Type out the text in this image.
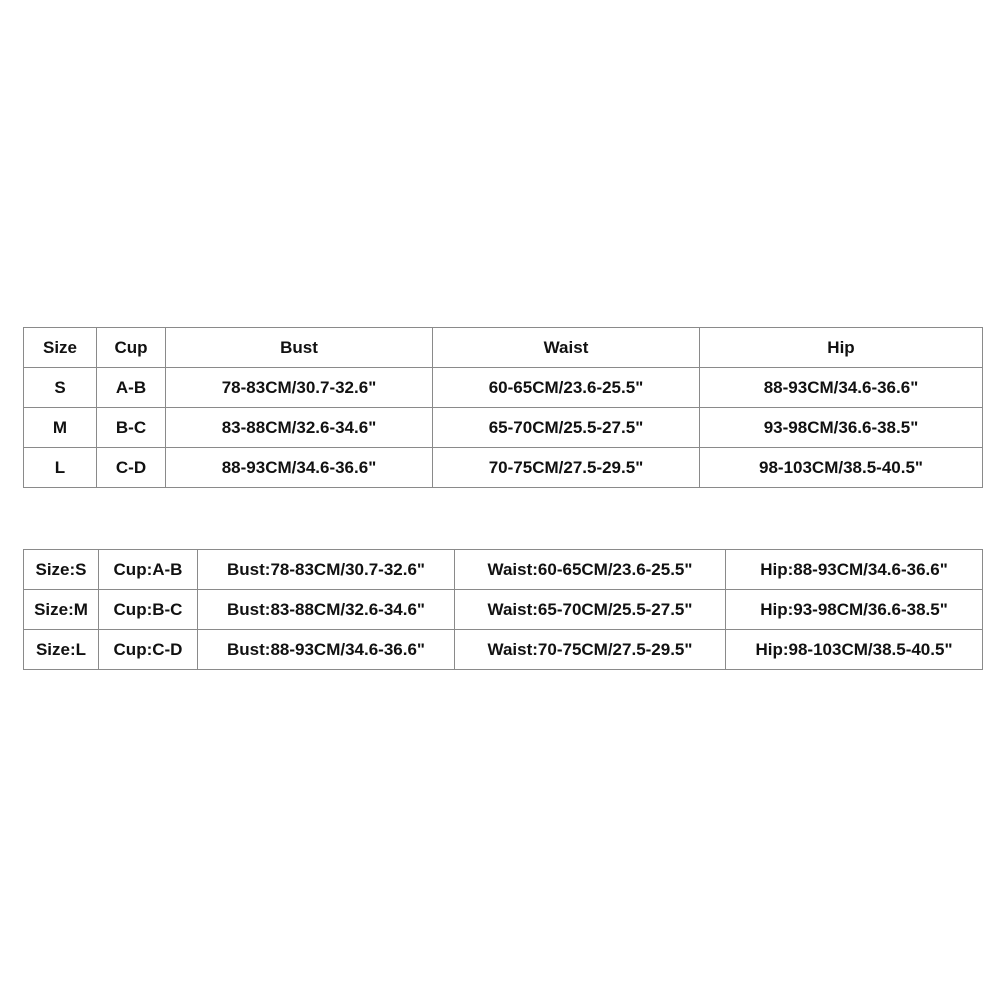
Size	Cup	Bust	Waist	Hip
S	A-B	78-83CM/30.7-32.6"	60-65CM/23.6-25.5"	88-93CM/34.6-36.6"
M	B-C	83-88CM/32.6-34.6"	65-70CM/25.5-27.5"	93-98CM/36.6-38.5"
L	C-D	88-93CM/34.6-36.6"	70-75CM/27.5-29.5"	98-103CM/38.5-40.5"
Size:S	Cup:A-B	Bust:78-83CM/30.7-32.6"	Waist:60-65CM/23.6-25.5"	Hip:88-93CM/34.6-36.6"
Size:M	Cup:B-C	Bust:83-88CM/32.6-34.6"	Waist:65-70CM/25.5-27.5"	Hip:93-98CM/36.6-38.5"
Size:L	Cup:C-D	Bust:88-93CM/34.6-36.6"	Waist:70-75CM/27.5-29.5"	Hip:98-103CM/38.5-40.5"
